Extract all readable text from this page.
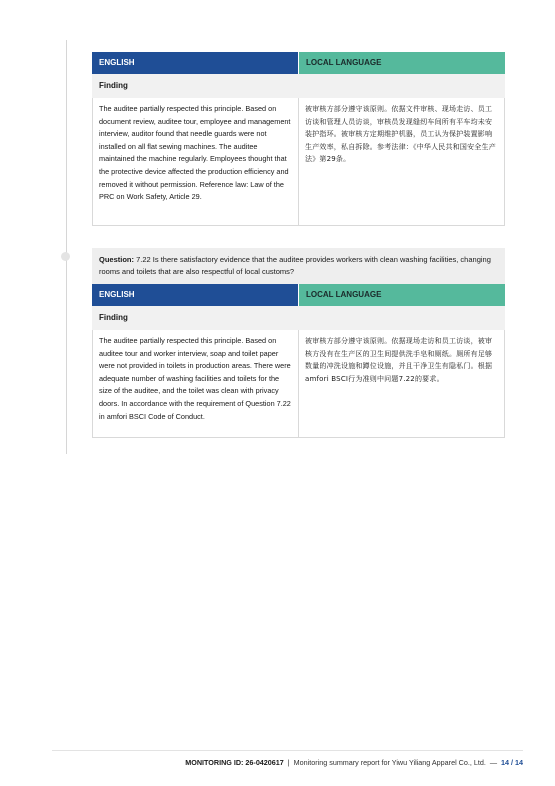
ENGLISH	LOCAL LANGUAGE
Finding
The auditee partially respected this principle. Based on document review, auditee tour, employee and management interview, auditor found that needle guards were not installed on all flat sewing machines. The auditee maintained the machine regularly. Employees thought that the protective device affected the production efficiency and removed it without permission. Reference law: Law of the PRC on Work Safety, Article 29.
被审核方部分遵守该原则。依据文件审核、现场走访、员工访谈和管理人员访谈，审核员发现缝纫车间所有平车均未安装护指环。被审核方定期维护机器，员工认为保护装置影响生产效率，私自拆除。参考法律：《中华人民共和国安全生产法》第29条。
Question: 7.22 Is there satisfactory evidence that the auditee provides workers with clean washing facilities, changing rooms and toilets that are also respectful of local customs?
ENGLISH	LOCAL LANGUAGE
Finding
The auditee partially respected this principle. Based on auditee tour and worker interview, soap and toilet paper were not provided in toilets in production areas. There were adequate number of washing facilities and toilets for the size of the auditee, and the toilet was clean with privacy doors. In accordance with the requirement of Question 7.22 in amfori BSCI Code of Conduct.
被审核方部分遵守该原则。依据现场走访和员工访谈，被审核方没有在生产区的卫生间提供洗手皂和厕纸。厕所有足够数量的冲洗设施和蹲位设施，并且干净卫生有隐私门。根据amfori BSCI行为准则中问题7.22的要求。
MONITORING ID: 26-0420617 | Monitoring summary report for Yiwu Yiliang Apparel Co., Ltd. — 14 / 14
